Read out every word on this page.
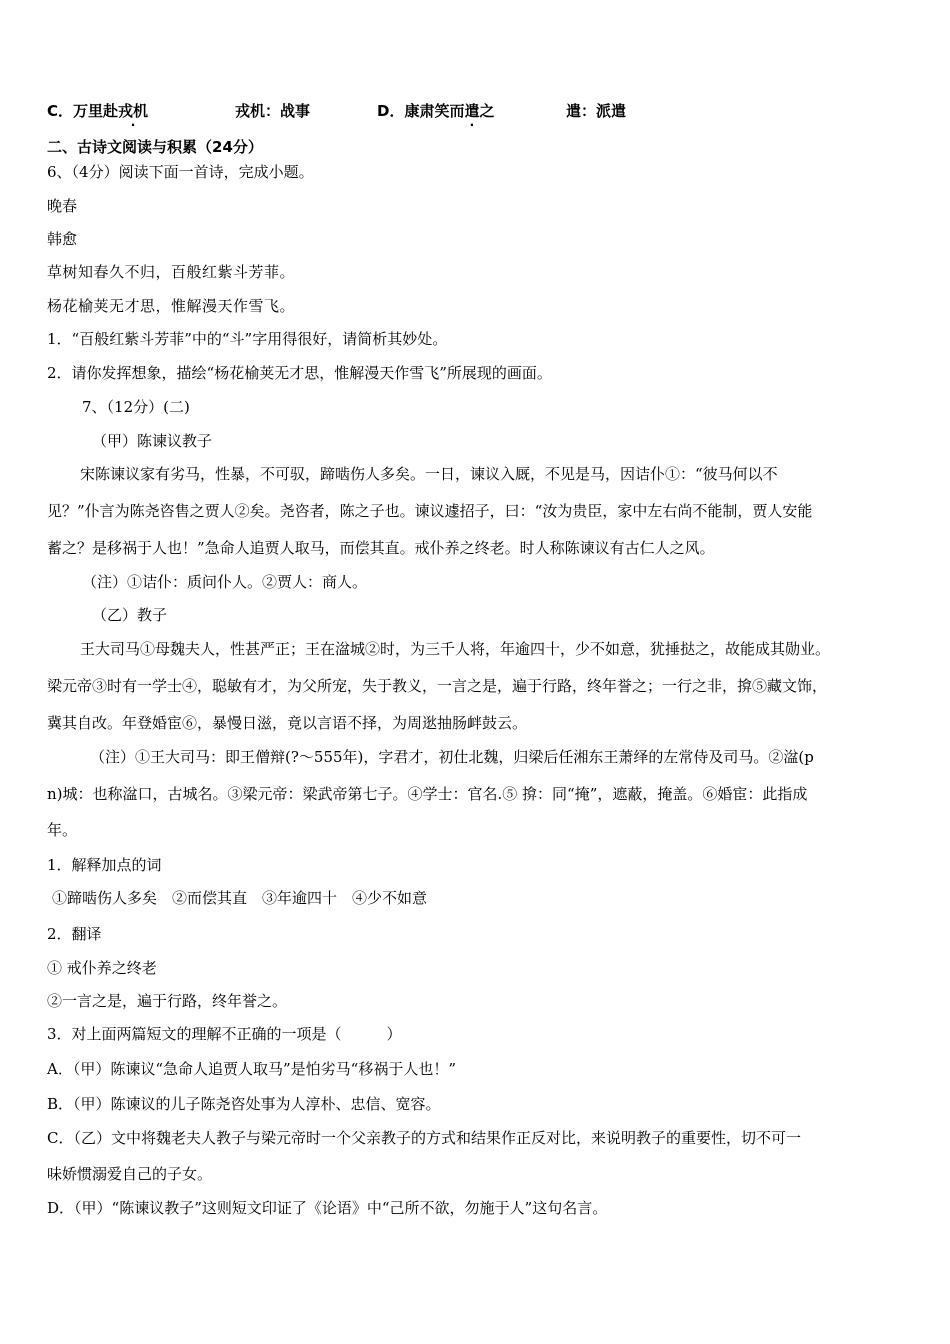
C．万里赴戎机	戎机：战事	D．康肃笑而遣之	遣：派遣
二、古诗文阅读与积累（24分）
6、（4分）阅读下面一首诗，完成小题。
晚春
韩愈
草树知春久不归，百般红紫斗芳菲。
杨花榆荚无才思，惟解漫天作雪飞。
1．“百般红紫斗芳菲”中的“斗”字用得很好，请简析其妙处。
2．请你发挥想象，描绘“杨花榆荚无才思，惟解漫天作雪飞”所展现的画面。
7、（12分）(二)
（甲）陈谏议教子
宋陈谏议家有劣马，性暴，不可驭，蹄啮伤人多矣。一日，谏议入厩，不见是马，因诘仆①：“彼马何以不
见？”仆言为陈尧咨售之贾人②矣。尧咨者，陈之子也。谏议遽招子，曰：“汝为贵臣，家中左右尚不能制，贾人安能
蓄之？是移祸于人也！”急命人追贾人取马，而偿其直。戒仆养之终老。时人称陈谏议有古仁人之风。
（注）①诘仆：质问仆人。②贾人：商人。
（乙）教子
王大司马①母魏夫人，性甚严正；王在湓城②时，为三千人将，年逾四十，少不如意，犹捶挞之，故能成其勋业。
梁元帝③时有一学士④，聪敏有才，为父所宠，失于教义，一言之是，遍于行路，终年誉之；一行之非，揜⑤藏文饰，
冀其自改。年登婚宦⑥，暴慢日滋，竟以言语不择，为周逖抽肠衅鼓云。
（注）①王大司马：即王僧辩(?～555年)，字君才，初仕北魏，归梁后任湘东王萧绎的左常侍及司马。②湓(p
n)城：也称湓口，古城名。③梁元帝：梁武帝第七子。④学士：官名.⑤ 揜：同“掩”，遮蔽，掩盖。⑥婚宦：此指成
年。
1．解释加点的词
①蹄啮伤人多矣　②而偿其直　③年逾四十　④少不如意
2．翻译
① 戒仆养之终老
②一言之是，遍于行路，终年誉之。
3．对上面两篇短文的理解不正确的一项是（　　　）
A．（甲）陈谏议“急命人追贾人取马”是怕劣马“移祸于人也！”
B．（甲）陈谏议的儿子陈尧咨处事为人淳朴、忠信、宽容。
C．（乙）文中将魏老夫人教子与梁元帝时一个父亲教子的方式和结果作正反对比，来说明教子的重要性，切不可一
味娇惯溺爱自己的子女。
D．（甲）“陈谏议教子”这则短文印证了《论语》中“己所不欲，勿施于人”这句名言。
